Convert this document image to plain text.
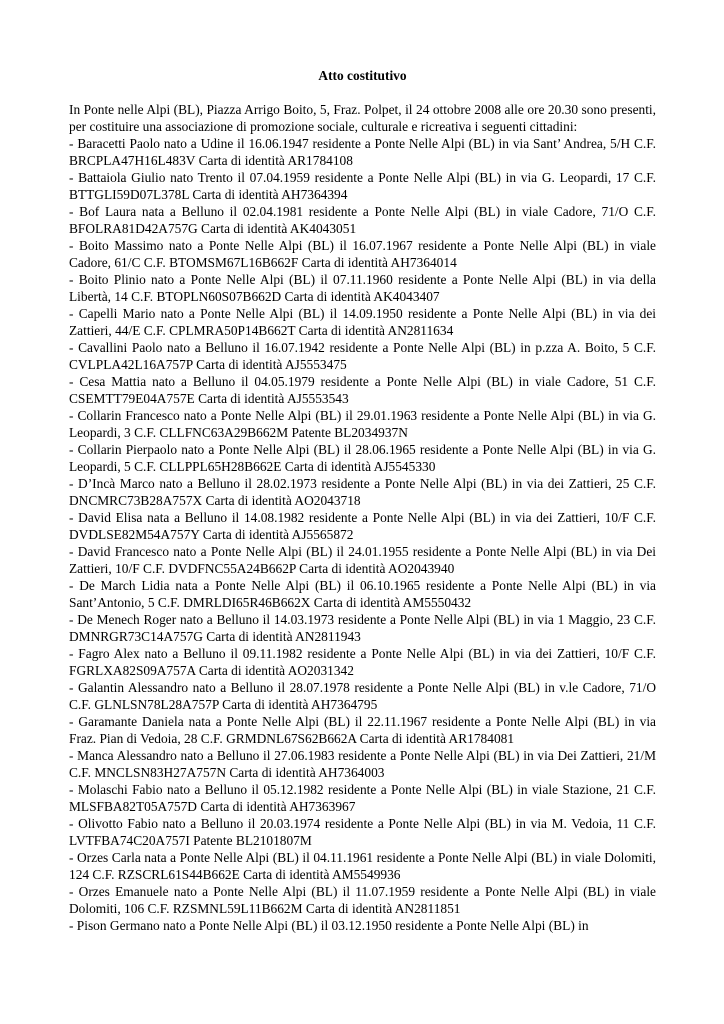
Atto costitutivo

In Ponte nelle Alpi (BL), Piazza Arrigo Boito, 5, Fraz. Polpet, il 24 ottobre 2008 alle ore 20.30 sono presenti, per costituire una associazione di promozione sociale, culturale e ricreativa i seguenti cittadini:

- Baracetti Paolo nato a Udine il 16.06.1947 residente a Ponte Nelle Alpi (BL) in via Sant’ Andrea, 5/H C.F. BRCPLA47H16L483V Carta di identità AR1784108
- Battaiola Giulio nato Trento il 07.04.1959 residente a Ponte Nelle Alpi (BL) in via G. Leopardi, 17 C.F. BTTGLI59D07L378L Carta di identità AH7364394
- Bof Laura nata a Belluno il 02.04.1981 residente a Ponte Nelle Alpi (BL) in viale Cadore, 71/O C.F. BFOLRA81D42A757G Carta di identità AK4043051
- Boito Massimo nato a Ponte Nelle Alpi (BL) il 16.07.1967 residente a Ponte Nelle Alpi (BL) in viale Cadore, 61/C C.F. BTOMSM67L16B662F Carta di identità AH7364014
- Boito Plinio nato a Ponte Nelle Alpi (BL) il 07.11.1960 residente a Ponte Nelle Alpi (BL) in via della Libertà, 14 C.F. BTOPLN60S07B662D Carta di identità AK4043407
- Capelli Mario nato a Ponte Nelle Alpi (BL) il 14.09.1950 residente a Ponte Nelle Alpi (BL) in via dei Zattieri, 44/E C.F. CPLMRA50P14B662T Carta di identità AN2811634
- Cavallini Paolo nato a Belluno il 16.07.1942 residente a Ponte Nelle Alpi (BL) in p.zza A. Boito, 5 C.F. CVLPLA42L16A757P Carta di identità AJ5553475
- Cesa Mattia nato a Belluno il 04.05.1979 residente a Ponte Nelle Alpi (BL) in viale Cadore, 51 C.F. CSEMTT79E04A757E Carta di identità AJ5553543
- Collarin Francesco nato a Ponte Nelle Alpi (BL) il 29.01.1963 residente a Ponte Nelle Alpi (BL) in via G. Leopardi, 3 C.F. CLLFNC63A29B662M Patente BL2034937N
- Collarin Pierpaolo nato a Ponte Nelle Alpi (BL) il 28.06.1965 residente a Ponte Nelle Alpi (BL) in via G. Leopardi, 5 C.F. CLLPPL65H28B662E Carta di identità AJ5545330
- D’Incà Marco nato a Belluno il 28.02.1973 residente a Ponte Nelle Alpi (BL) in via dei Zattieri, 25 C.F. DNCMRC73B28A757X Carta di identità AO2043718
- David Elisa nata a Belluno il 14.08.1982 residente a Ponte Nelle Alpi (BL) in via dei Zattieri, 10/F C.F. DVDLSE82M54A757Y Carta di identità AJ5565872
- David Francesco nato a Ponte Nelle Alpi (BL) il 24.01.1955 residente a Ponte Nelle Alpi (BL) in via Dei Zattieri, 10/F C.F. DVDFNC55A24B662P Carta di identità AO2043940
- De March Lidia nata a Ponte Nelle Alpi (BL) il 06.10.1965 residente a Ponte Nelle Alpi (BL) in via Sant’Antonio, 5 C.F. DMRLDI65R46B662X Carta di identità AM5550432
- De Menech Roger nato a Belluno il 14.03.1973 residente a Ponte Nelle Alpi (BL) in via 1 Maggio, 23 C.F. DMNRGR73C14A757G Carta di identità AN2811943
- Fagro Alex nato a Belluno il 09.11.1982 residente a Ponte Nelle Alpi (BL) in via dei Zattieri, 10/F C.F. FGRLXA82S09A757A Carta di identità AO2031342
- Galantin Alessandro nato a Belluno il 28.07.1978 residente a Ponte Nelle Alpi (BL) in v.le Cadore, 71/O C.F. GLNLSN78L28A757P Carta di identità AH7364795
- Garamante Daniela nata a Ponte Nelle Alpi (BL) il 22.11.1967 residente a Ponte Nelle Alpi (BL) in via Fraz. Pian di Vedoia, 28 C.F. GRMDNL67S62B662A Carta di identità AR1784081
- Manca Alessandro nato a Belluno il 27.06.1983 residente a Ponte Nelle Alpi (BL) in via Dei Zattieri, 21/M C.F. MNCLSN83H27A757N Carta di identità AH7364003
- Molaschi Fabio nato a Belluno il 05.12.1982 residente a Ponte Nelle Alpi (BL) in viale Stazione, 21 C.F. MLSFBA82T05A757D Carta di identità AH7363967
- Olivotto Fabio nato a Belluno il 20.03.1974 residente a Ponte Nelle Alpi (BL) in via M. Vedoia, 11 C.F. LVTFBA74C20A757I Patente BL2101807M
- Orzes Carla nata a Ponte Nelle Alpi (BL) il 04.11.1961 residente a Ponte Nelle Alpi (BL) in viale Dolomiti, 124 C.F. RZSCRL61S44B662E Carta di identità AM5549936
- Orzes Emanuele nato a Ponte Nelle Alpi (BL) il 11.07.1959 residente a Ponte Nelle Alpi (BL) in viale Dolomiti, 106 C.F. RZSMNL59L11B662M Carta di identità AN2811851
- Pison Germano nato a Ponte Nelle Alpi (BL) il 03.12.1950 residente a Ponte Nelle Alpi (BL) in
